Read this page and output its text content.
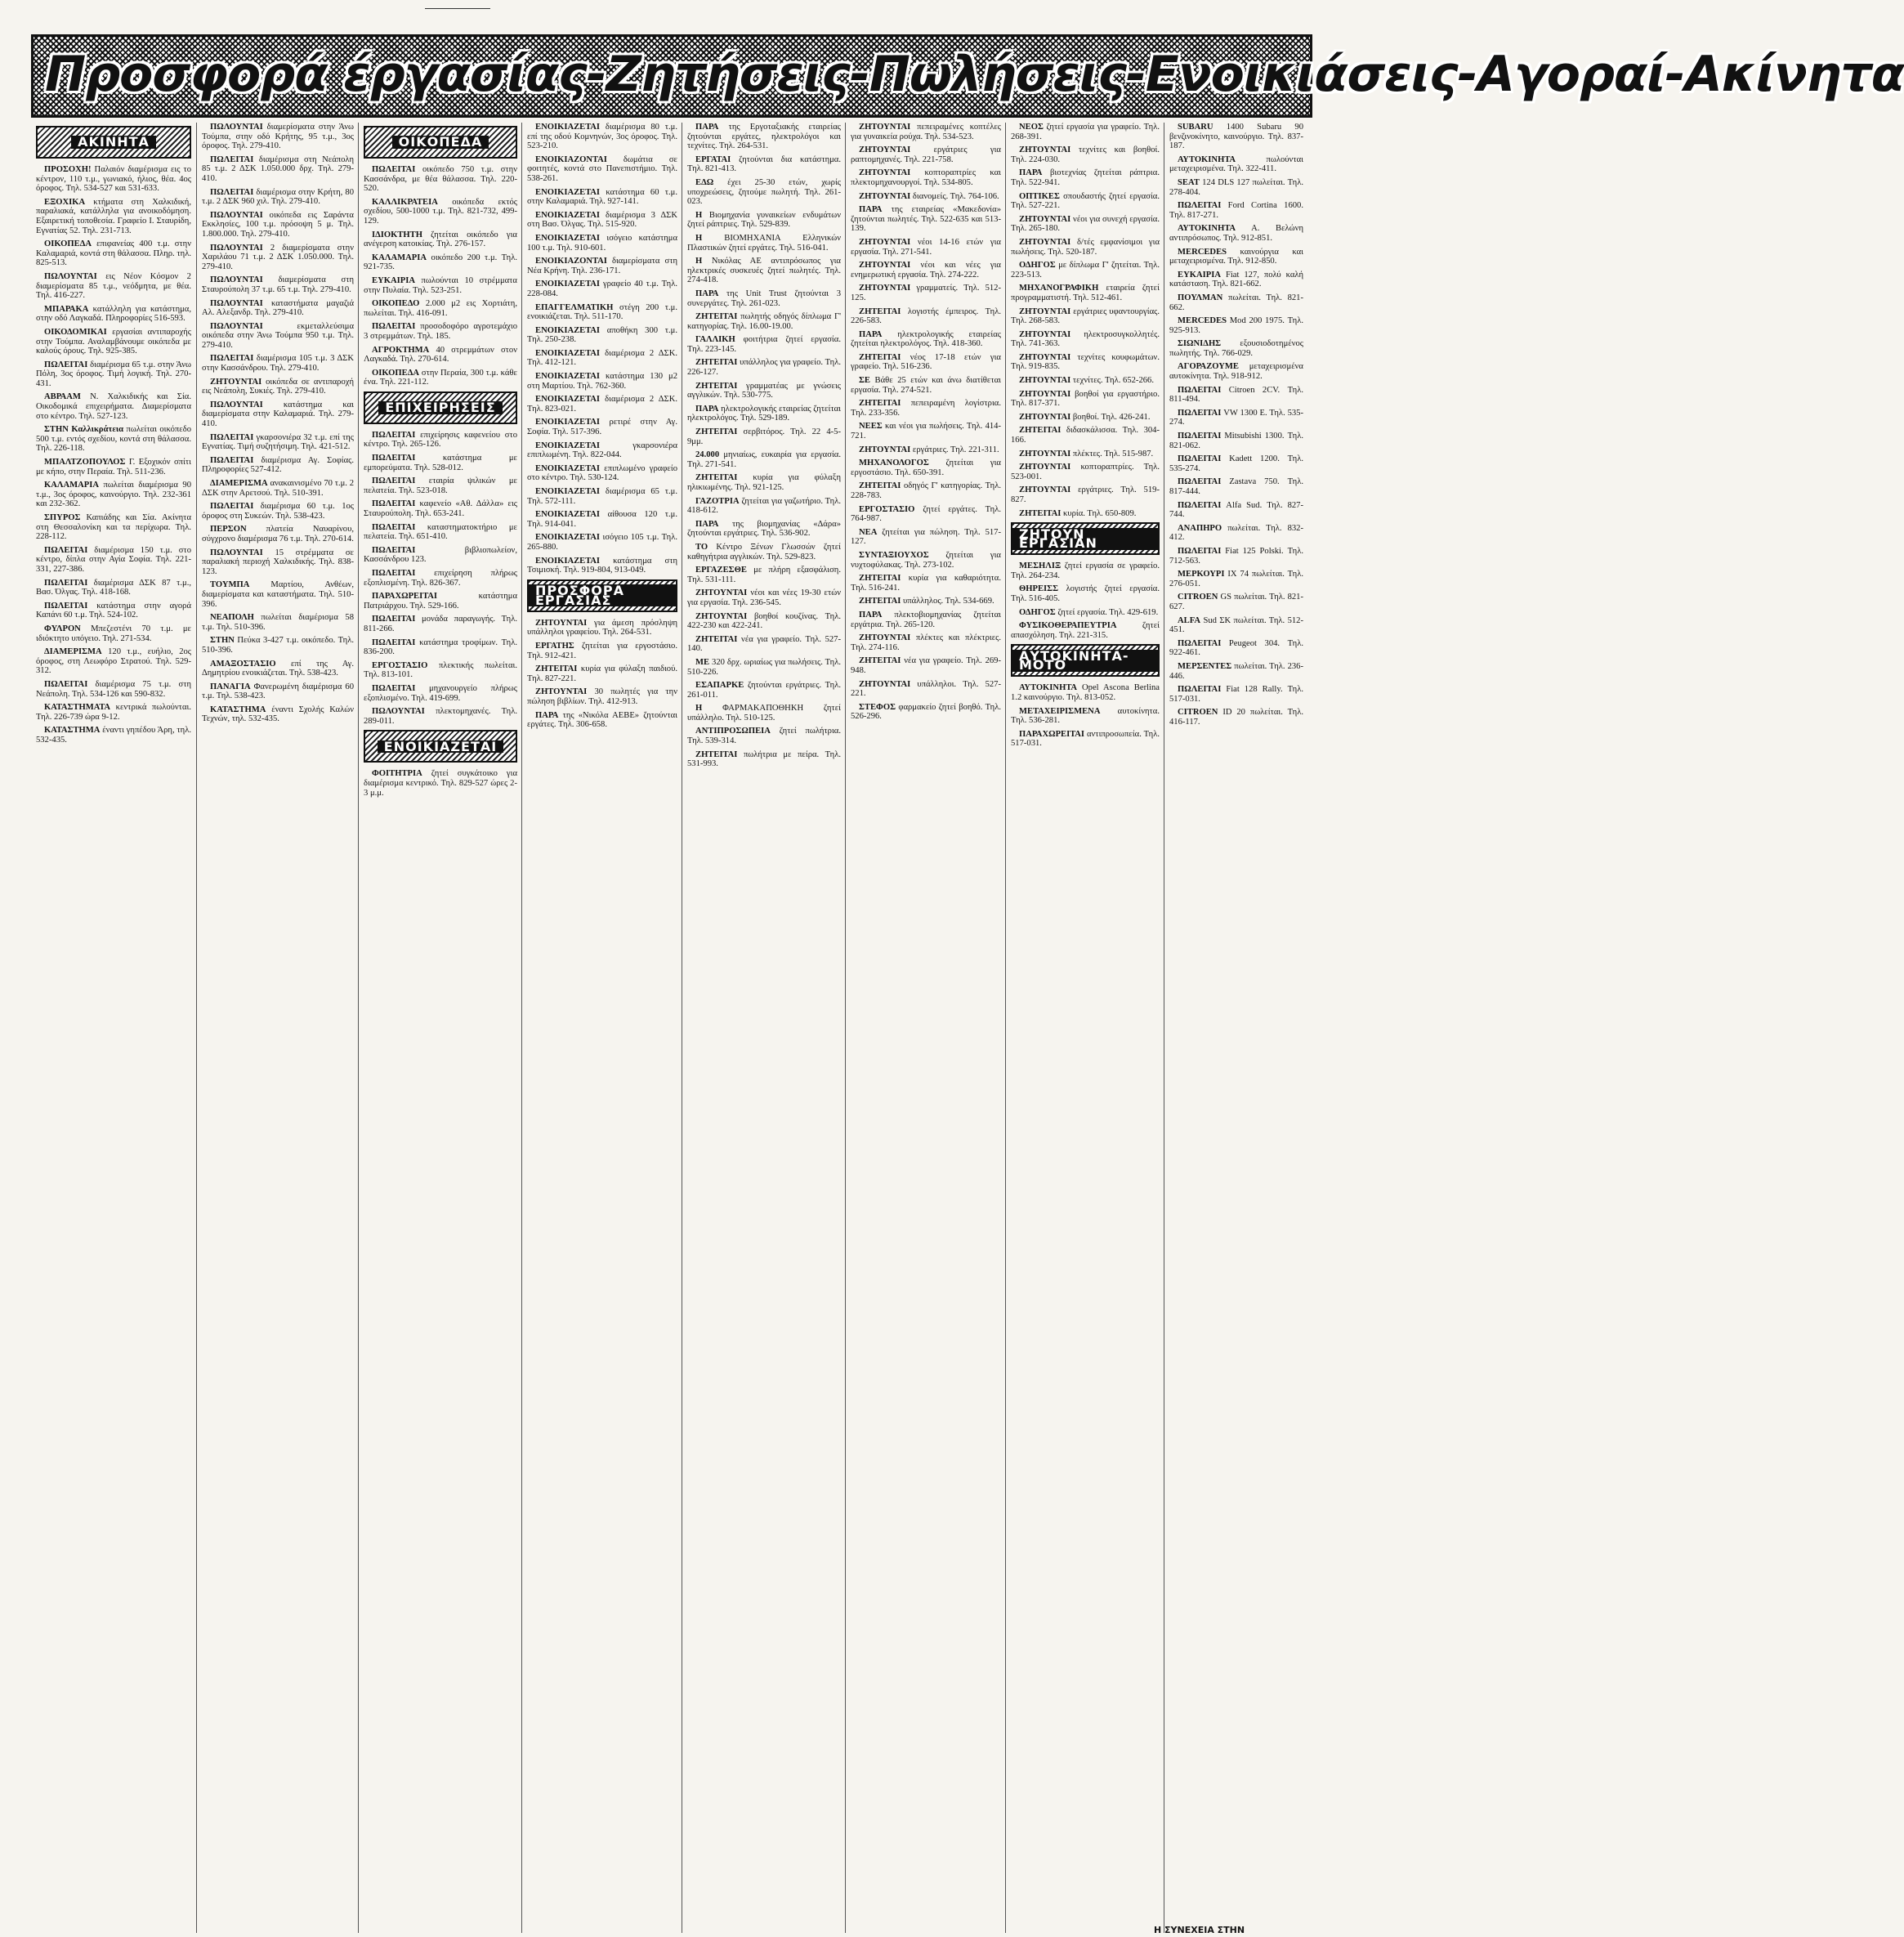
Προσφορά έργασίας-Ζητήσεις-Πωλήσεις-Ενοικιάσεις-Αγοραί-Ακίνητα
ΑΚΙΝΗΤΑ
ΠΡΟΣΟΧΗ! Παλαιόν διαμέρισμα εις το κέντρον, 110 τ.μ., γωνιακό, ήλιος, θέα. 4ος όροφος. Τηλ. 534-527 και 531-633.
ΕΞΟΧΙΚΑ κτήματα στη Χαλκιδική, παραλιακά, κατάλληλα για ανοικοδόμηση. Εξαιρετική τοποθεσία. Γραφείο Ι. Σταυρίδη, Εγνατίας 52. Τηλ. 231-713.
ΟΙΚΟΠΕΔΑ επιφανείας 400 τ.μ. στην Καλαμαριά, κοντά στη θάλασσα. Πληρ. τηλ. 825-513.
ΠΩΛΟΥΝΤΑΙ εις Νέον Κόσμον 2 διαμερίσματα 85 τ.μ., νεόδμητα, με θέα. Τηλ. 416-227.
ΜΠΑΡΑΚΑ κατάλληλη για κατάστημα, στην οδό Λαγκαδά. Πληροφορίες 516-593.
ΟΙΚΟΔΟΜΙΚΑΙ εργασίαι αντιπαροχής στην Τούμπα. Αναλαμβάνουμε οικόπεδα με καλούς όρους. Τηλ. 925-385.
ΠΩΛΕΙΤΑΙ διαμέρισμα 65 τ.μ. στην Άνω Πόλη, 3ος όροφος. Τιμή λογική. Τηλ. 270-431.
ΑΒΡΑΑΜ Ν. Χαλκιδικής και Σία. Οικοδομικά επιχειρήματα. Διαμερίσματα στο κέντρο. Τηλ. 527-123.
ΣΤΗΝ Καλλικράτεια πωλείται οικόπεδο 500 τ.μ. εντός σχεδίου, κοντά στη θάλασσα. Τηλ. 226-118.
ΜΠΑΛΤΖΟΠΟΥΛΟΣ Γ. Εξοχικόν σπίτι με κήπο, στην Περαία. Τηλ. 511-236.
ΚΑΛΑΜΑΡΙΑ πωλείται διαμέρισμα 90 τ.μ., 3ος όροφος, καινούργιο. Τηλ. 232-361 και 232-362.
ΣΠΥΡΟΣ Καπιάδης και Σία. Ακίνητα στη Θεσσαλονίκη και τα περίχωρα. Τηλ. 228-112.
ΠΩΛΕΙΤΑΙ διαμέρισμα 150 τ.μ. στο κέντρο, δίπλα στην Αγία Σοφία. Τηλ. 221-331, 227-386.
ΠΩΛΕΙΤΑΙ διαμέρισμα ΔΣΚ 87 τ.μ., Βασ. Όλγας. Τηλ. 418-168.
ΠΩΛΕΙΤΑΙ κατάστημα στην αγορά Καπάνι 60 τ.μ. Τηλ. 524-102.
ΦΥΛΡΟΝ Μπεζεστένι 70 τ.μ. με ιδιόκτητο υπόγειο. Τηλ. 271-534.
ΔΙΑΜΕΡΙΣΜΑ 120 τ.μ., ευήλιο, 2ος όροφος, στη Λεωφόρο Στρατού. Τηλ. 529-312.
ΠΩΛΕΙΤΑΙ διαμέρισμα 75 τ.μ. στη Νεάπολη. Τηλ. 534-126 και 590-832.
ΚΑΤΑΣΤΗΜΑΤΑ κεντρικά πωλούνται. Τηλ. 226-739 ώρα 9-12.
ΚΑΤΑΣΤΗΜΑ έναντι γηπέδου Άρη, τηλ. 532-435.
ΠΩΛΟΥΝΤΑΙ διαμερίσματα στην Άνω Τούμπα, στην οδό Κρήτης, 95 τ.μ., 3ος όροφος. Τηλ. 279-410.
ΠΩΛΕΙΤΑΙ διαμέρισμα στη Νεάπολη 85 τ.μ. 2 ΔΣΚ 1.050.000 δρχ. Τηλ. 279-410.
ΠΩΛΕΙΤΑΙ διαμέρισμα στην Κρήτη, 80 τ.μ. 2 ΔΣΚ 960 χιλ. Τηλ. 279-410.
ΠΩΛΟΥΝΤΑΙ οικόπεδα εις Σαράντα Εκκλησίες, 100 τ.μ. πρόσοψη 5 μ. Τηλ. 1.800.000. Τηλ. 279-410.
ΠΩΛΟΥΝΤΑΙ 2 διαμερίσματα στην Χαριλάου 71 τ.μ. 2 ΔΣΚ 1.050.000. Τηλ. 279-410.
ΠΩΛΟΥΝΤΑΙ διαμερίσματα στη Σταυρούπολη 37 τ.μ. 65 τ.μ. Τηλ. 279-410.
ΠΩΛΟΥΝΤΑΙ καταστήματα μαγαζιά Αλ. Αλεξανδρ. Τηλ. 279-410.
ΠΩΛΟΥΝΤΑΙ	εκμεταλλεύσιμα οικόπεδα στην Άνω Τούμπα 950 τ.μ. Τηλ. 279-410.
ΠΩΛΕΙΤΑΙ διαμέρισμα 105 τ.μ. 3 ΔΣΚ στην Κασσάνδρου. Τηλ. 279-410.
ΖΗΤΟΥΝΤΑΙ οικόπεδα σε αντιπαροχή εις Νεάπολη, Συκιές. Τηλ. 279-410.
ΠΩΛΟΥΝΤΑΙ κατάστημα και διαμερίσματα στην Καλαμαριά. Τηλ. 279-410.
ΠΩΛΕΙΤΑΙ γκαρσονιέρα 32 τ.μ. επί της Εγνατίας. Τιμή συζητήσιμη. Τηλ. 421-512.
ΠΩΛΕΙΤΑΙ διαμέρισμα Αγ. Σοφίας. Πληροφορίες 527-412.
ΔΙΑΜΕΡΙΣΜΑ ανακαινισμένο 70 τ.μ. 2 ΔΣΚ στην Αρετσού. Τηλ. 510-391.
ΠΩΛΕΙΤΑΙ διαμέρισμα 60 τ.μ. 1ος όροφος στη Συκεών. Τηλ. 538-423.
ΠΕΡΣΟΝ πλατεία Ναυαρίνου, σύγχρονο διαμέρισμα 76 τ.μ. Τηλ. 270-614.
ΠΩΛΟΥΝΤΑΙ 15 στρέμματα σε παραλιακή περιοχή Χαλκιδικής. Τηλ. 838-123.
ΤΟΥΜΠΑ Μαρτίου, Ανθέων, διαμερίσματα και καταστήματα. Τηλ. 510-396.
ΝΕΑΠΟΛΗ πωλείται διαμέρισμα 58 τ.μ. Τηλ. 510-396.
ΣΤΗΝ Πεύκα 3-427 τ.μ. οικόπεδο. Τηλ. 510-396.
ΑΜΑΞΟΣΤΑΣΙΟ επί της Αγ. Δημητρίου ενοικιάζεται. Τηλ. 538-423.
ΠΑΝΑΓΙΑ Φανερωμένη διαμέρισμα 60 τ.μ. Τηλ. 538-423.
ΚΑΤΑΣΤΗΜΑ έναντι Σχολής Καλών Τεχνών, τηλ. 532-435.
ΟΙΚΟΠΕΔΑ
ΠΩΛΕΙΤΑΙ οικόπεδο 750 τ.μ. στην Κασσάνδρα, με θέα θάλασσα. Τηλ. 220-520.
ΚΑΛΛΙΚΡΑΤΕΙΑ οικόπεδα εκτός σχεδίου, 500-1000 τ.μ. Τηλ. 821-732, 499-129.
ΙΔΙΟΚΤΗΤΗ ζητείται οικόπεδο για ανέγερση κατοικίας. Τηλ. 276-157.
ΚΑΛΑΜΑΡΙΑ οικόπεδο 200 τ.μ. Τηλ. 921-735.
ΕΥΚΑΙΡΙΑ πωλούνται 10 στρέμματα στην Πυλαία. Τηλ. 523-251.
ΟΙΚΟΠΕΔΟ 2.000 μ2 εις Χορτιάτη, πωλείται. Τηλ. 416-091.
ΠΩΛΕΙΤΑΙ προσοδοφόρο αγροτεμάχιο 3 στρεμμάτων. Τηλ. 185.
ΑΓΡΟΚΤΗΜΑ 40 στρεμμάτων στον Λαγκαδά. Τηλ. 270-614.
ΟΙΚΟΠΕΔΑ στην Περαία, 300 τ.μ. κάθε ένα. Τηλ. 221-112.
ΕΠΙΧΕΙΡΗΣΕΙΣ
ΠΩΛΕΙΤΑΙ επιχείρησις καφενείου στο κέντρο. Τηλ. 265-126.
ΠΩΛΕΙΤΑΙ	κατάστημα με εμπορεύματα. Τηλ. 528-012.
ΠΩΛΕΙΤΑΙ εταιρία ψιλικών με πελατεία. Τηλ. 523-018.
ΠΩΛΕΙΤΑΙ καφενείο «Αθ. Δάλλα» εις Σταυρούπολη. Τηλ. 653-241.
ΠΩΛΕΙΤΑΙ καταστηματοκτήριο με πελατεία. Τηλ. 651-410.
ΠΩΛΕΙΤΑΙ	βιβλιοπωλείον, Κασσάνδρου 123.
ΠΩΛΕΙΤΑΙ επιχείρηση πλήρως εξοπλισμένη. Τηλ. 826-367.
ΠΑΡΑΧΩΡΕΙΤΑΙ	κατάστημα Πατριάρχου. Τηλ. 529-166.
ΠΩΛΕΙΤΑΙ μονάδα παραγωγής. Τηλ. 811-266.
ΠΩΛΕΙΤΑΙ κατάστημα τροφίμων. Τηλ. 836-200.
ΕΡΓΟΣΤΑΣΙΟ πλεκτικής πωλείται. Τηλ. 813-101.
ΠΩΛΕΙΤΑΙ μηχανουργείο πλήρως εξοπλισμένο. Τηλ. 419-699.
ΠΩΛΟΥΝΤΑΙ πλεκτομηχανές. Τηλ. 289-011.
ΕΝΟΙΚΙΑΖΕΤΑΙ
ΦΟΙΤΗΤΡΙΑ ζητεί συγκάτοικο για διαμέρισμα κεντρικό. Τηλ. 829-527 ώρες 2-3 μ.μ.
ΕΝΟΙΚΙΑΖΕΤΑΙ διαμέρισμα 80 τ.μ. επί της οδού Κομνηνών, 3ος όροφος. Τηλ. 523-210.
ΕΝΟΙΚΙΑΖΟΝΤΑΙ δωμάτια σε φοιτητές, κοντά στο Πανεπιστήμιο. Τηλ. 538-261.
ΕΝΟΙΚΙΑΖΕΤΑΙ κατάστημα 60 τ.μ. στην Καλαμαριά. Τηλ. 927-141.
ΕΝΟΙΚΙΑΖΕΤΑΙ διαμέρισμα 3 ΔΣΚ στη Βασ. Όλγας. Τηλ. 515-920.
ΕΝΟΙΚΙΑΖΕΤΑΙ ισόγειο κατάστημα 100 τ.μ. Τηλ. 910-601.
ΕΝΟΙΚΙΑΖΟΝΤΑΙ διαμερίσματα στη Νέα Κρήνη. Τηλ. 236-171.
ΕΝΟΙΚΙΑΖΕΤΑΙ γραφείο 40 τ.μ. Τηλ. 228-084.
ΕΠΑΓΓΕΛΜΑΤΙΚΗ στέγη 200 τ.μ. ενοικιάζεται. Τηλ. 511-170.
ΕΝΟΙΚΙΑΖΕΤΑΙ αποθήκη 300 τ.μ. Τηλ. 250-238.
ΕΝΟΙΚΙΑΖΕΤΑΙ διαμέρισμα 2 ΔΣΚ. Τηλ. 412-121.
ΕΝΟΙΚΙΑΖΕΤΑΙ κατάστημα 130 μ2 στη Μαρτίου. Τηλ. 762-360.
ΕΝΟΙΚΙΑΖΕΤΑΙ διαμέρισμα 2 ΔΣΚ. Τηλ. 823-021.
ΕΝΟΙΚΙΑΖΕΤΑΙ ρετιρέ στην Αγ. Σοφία. Τηλ. 517-396.
ΕΝΟΙΚΙΑΖΕΤΑΙ	γκαρσονιέρα επιπλωμένη. Τηλ. 822-044.
ΕΝΟΙΚΙΑΖΕΤΑΙ επιπλωμένο γραφείο στο κέντρο. Τηλ. 530-124.
ΕΝΟΙΚΙΑΖΕΤΑΙ διαμέρισμα 65 τ.μ. Τηλ. 572-111.
ΕΝΟΙΚΙΑΖΕΤΑΙ αίθουσα 120 τ.μ. Τηλ. 914-041.
ΕΝΟΙΚΙΑΖΕΤΑΙ ισόγειο 105 τ.μ. Τηλ. 265-880.
ΕΝΟΙΚΙΑΖΕΤΑΙ κατάστημα στη Τσιμισκή. Τηλ. 919-804, 913-049.
ΠΡΟΣΦΟΡΑ ΕΡΓΑΣΙΑΣ
ΖΗΤΟΥΝΤΑΙ για άμεση πρόσληψη υπάλληλοι γραφείου. Τηλ. 264-531.
ΕΡΓΑΤΗΣ ζητείται για εργοστάσιο. Τηλ. 912-421.
ΖΗΤΕΙΤΑΙ κυρία για φύλαξη παιδιού. Τηλ. 827-221.
ΖΗΤΟΥΝΤΑΙ 30 πωλητές για την πώληση βιβλίων. Τηλ. 412-913.
ΠΑΡΑ της «Νικόλα ΑΕΒΕ» ζητούνται εργάτες. Τηλ. 306-658.
ΠΑΡΑ της Εργοταξιακής εταιρείας ζητούνται εργάτες, ηλεκτρολόγοι και τεχνίτες. Τηλ. 264-531.
ΕΡΓΑΤΑΙ ζητούνται δια κατάστημα. Τηλ. 821-413.
ΕΔΩ έχει 25-30 ετών, χωρίς υποχρεώσεις, ζητούμε πωλητή. Τηλ. 261-023.
Η Βιομηχανία γυναικείων ενδυμάτων ζητεί ράπτριες. Τηλ. 529-839.
Η	ΒΙΟΜΗΧΑΝΙΑ Ελληνικών Πλαστικών ζητεί εργάτες. Τηλ. 516-041.
Η Νικόλας ΑΕ αντιπρόσωπος για ηλεκτρικές συσκευές ζητεί πωλητές. Τηλ. 274-418.
ΠΑΡΑ της Unit Trust ζητούνται 3 συνεργάτες. Τηλ. 261-023.
ΖΗΤΕΙΤΑΙ πωλητής οδηγός δίπλωμα Γ' κατηγορίας. Τηλ. 16.00-19.00.
ΓΑΛΛΙΚΗ φοιτήτρια ζητεί εργασία. Τηλ. 223-145.
ΖΗΤΕΙΤΑΙ υπάλληλος για γραφείο. Τηλ. 226-127.
ΖΗΤΕΙΤΑΙ γραμματέας με γνώσεις αγγλικών. Τηλ. 530-775.
ΠΑΡΑ ηλεκτρολογικής εταιρείας ζητείται ηλεκτρολόγος. Τηλ. 529-189.
ΖΗΤΕΙΤΑΙ σερβιτόρος. Τηλ. 22 4-5-9μμ.
24.000 μηνιαίως, ευκαιρία για εργασία. Τηλ. 271-541.
ΖΗΤΕΙΤΑΙ κυρία για φύλαξη ηλικιωμένης. Τηλ. 921-125.
ΓΑΖΟΤΡΙΑ ζητείται για γαζωτήριο. Τηλ. 418-612.
ΠΑΡΑ της βιομηχανίας «Δάρα» ζητούνται εργάτριες. Τηλ. 536-902.
ΤΟ Κέντρο Ξένων Γλωσσών ζητεί καθηγήτρια αγγλικών. Τηλ. 529-823.
ΕΡΓΑΖΕΣΘΕ με πλήρη εξασφάλιση. Τηλ. 531-111.
ΖΗΤΟΥΝΤΑΙ νέοι και νέες 19-30 ετών για εργασία. Τηλ. 236-545.
ΖΗΤΟΥΝΤΑΙ βοηθοί κουζίνας. Τηλ. 422-230 και 422-241.
ΖΗΤΕΙΤΑΙ νέα για γραφείο. Τηλ. 527-140.
ΜΕ 320 δρχ. ωριαίως για πωλήσεις. Τηλ. 510-226.
ΕΣΑΠΑΡΚΕ ζητούνται εργάτριες. Τηλ. 261-011.
Η ΦΑΡΜΑΚΑΠΟΘΗΚΗ ζητεί υπάλληλο. Τηλ. 510-125.
ΑΝΤΙΠΡΟΣΩΠΕΙΑ ζητεί πωλήτρια. Τηλ. 539-314.
ΖΗΤΕΙΤΑΙ πωλήτρια με πείρα. Τηλ. 531-993.
ΖΗΤΟΥΝΤΑΙ πεπειραμένες κοπτέλες για γυναικεία ρούχα. Τηλ. 534-523.
ΖΗΤΟΥΝΤΑΙ	εργάτριες για ραπτομηχανές. Τηλ. 221-758.
ΖΗΤΟΥΝΤΑΙ κοπτοραπτρίες και πλεκτομηχανουργοί. Τηλ. 534-805.
ΖΗΤΟΥΝΤΑΙ διανομείς. Τηλ. 764-106.
ΠΑΡΑ της εταιρείας «Μακεδονία» ζητούνται πωλητές. Τηλ. 522-635 και 513-139.
ΖΗΤΟΥΝΤΑΙ νέοι 14-16 ετών για εργασία. Τηλ. 271-541.
ΖΗΤΟΥΝΤΑΙ νέοι και νέες για ενημερωτική εργασία. Τηλ. 274-222.
ΖΗΤΟΥΝΤΑΙ γραμματείς. Τηλ. 512-125.
ΖΗΤΕΙΤΑΙ λογιστής έμπειρος. Τηλ. 226-583.
ΠΑΡΑ ηλεκτρολογικής εταιρείας ζητείται ηλεκτρολόγος. Τηλ. 418-360.
ΖΗΤΕΙΤΑΙ νέος 17-18 ετών για γραφείο. Τηλ. 516-236.
ΣΕ Βάθε 25 ετών και άνω διατίθεται εργασία. Τηλ. 274-521.
ΖΗΤΕΙΤΑΙ πεπειραμένη λογίστρια. Τηλ. 233-356.
ΝΕΕΣ και νέοι για πωλήσεις. Τηλ. 414-721.
ΖΗΤΟΥΝΤΑΙ εργάτριες. Τηλ. 221-311.
ΜΗΧΑΝΟΛΟΓΟΣ ζητείται για εργοστάσιο. Τηλ. 650-391.
ΖΗΤΕΙΤΑΙ οδηγός Γ' κατηγορίας. Τηλ. 228-783.
ΕΡΓΟΣΤΑΣΙΟ ζητεί εργάτες. Τηλ. 764-987.
ΝΕΑ ζητείται για πώληση. Τηλ. 517-127.
ΣΥΝΤΑΞΙΟΥΧΟΣ ζητείται για νυχτοφύλακας. Τηλ. 273-102.
ΖΗΤΕΙΤΑΙ κυρία για καθαριότητα. Τηλ. 516-241.
ΖΗΤΕΙΤΑΙ υπάλληλος. Τηλ. 534-669.
ΠΑΡΑ πλεκτοβιομηχανίας ζητείται εργάτρια. Τηλ. 265-120.
ΖΗΤΟΥΝΤΑΙ πλέκτες και πλέκτριες. Τηλ. 274-116.
ΖΗΤΕΙΤΑΙ νέα για γραφείο. Τηλ. 269-948.
ΖΗΤΟΥΝΤΑΙ υπάλληλοι. Τηλ. 527-221.
ΣΤΕΦΟΣ φαρμακείο ζητεί βοηθό. Τηλ. 526-296.
ΝΕΟΣ ζητεί εργασία για γραφείο. Τηλ. 268-391.
ΖΗΤΟΥΝΤΑΙ τεχνίτες και βοηθοί. Τηλ. 224-030.
ΠΑΡΑ βιοτεχνίας ζητείται ράπτρια. Τηλ. 522-941.
ΟΠΤΙΚΕΣ σπουδαστής ζητεί εργασία. Τηλ. 527-221.
ΖΗΤΟΥΝΤΑΙ νέοι για συνεχή εργασία. Τηλ. 265-180.
ΖΗΤΟΥΝΤΑΙ δ/τές εμφανίσιμοι για πωλήσεις. Τηλ. 520-187.
ΟΔΗΓΟΣ με δίπλωμα Γ' ζητείται. Τηλ. 223-513.
ΜΗΧΑΝΟΓΡΑΦΙΚΗ εταιρεία ζητεί προγραμματιστή. Τηλ. 512-461.
ΖΗΤΟΥΝΤΑΙ εργάτριες υφαντουργίας. Τηλ. 268-583.
ΖΗΤΟΥΝΤΑΙ ηλεκτροσυγκολλητές. Τηλ. 741-363.
ΖΗΤΟΥΝΤΑΙ τεχνίτες κουφωμάτων. Τηλ. 919-835.
ΖΗΤΟΥΝΤΑΙ τεχνίτες. Τηλ. 652-266.
ΖΗΤΟΥΝΤΑΙ βοηθοί για εργαστήριο. Τηλ. 817-371.
ΖΗΤΟΥΝΤΑΙ βοηθοί. Τηλ. 426-241.
ΖΗΤΕΙΤΑΙ διδασκάλισσα. Τηλ. 304-166.
ΖΗΤΟΥΝΤΑΙ πλέκτες. Τηλ. 515-987.
ΖΗΤΟΥΝΤΑΙ κοπτοραπτρίες. Τηλ. 523-001.
ΖΗΤΟΥΝΤΑΙ εργάτριες. Τηλ. 519-827.
ΖΗΤΕΙΤΑΙ κυρία. Τηλ. 650-809.
ΖΗΤΟΥΝ ΕΡΓΑΣΙΑΝ
ΜΕΣΗΛΙΞ ζητεί εργασία σε γραφείο. Τηλ. 264-234.
ΘΗΡΕΙΣΣ λογιστής ζητεί εργασία. Τηλ. 516-405.
ΟΔΗΓΟΣ ζητεί εργασία. Τηλ. 429-619.
ΦΥΣΙΚΟΘΕΡΑΠΕΥΤΡΙΑ	ζητεί απασχόληση. Τηλ. 221-315.
ΑΥΤΟΚΙΝΗΤΑ-ΜΟΤΟ
ΑΥΤΟΚΙΝΗΤΑ Opel Ascona Berlina 1.2 καινούργιο. Τηλ. 813-052.
ΜΕΤΑΧΕΙΡΙΣΜΕΝΑ αυτοκίνητα. Τηλ. 536-281.
ΠΑΡΑΧΩΡΕΙΤΑΙ αντιπροσωπεία. Τηλ. 517-031.
SUBARU 1400 Subaru 90 βενζινοκίνητο, καινούργιο. Τηλ. 837-187.
ΑΥΤΟΚΙΝΗΤΑ	πωλούνται μεταχειρισμένα. Τηλ. 322-411.
SEAT 124 DLS 127 πωλείται. Τηλ. 278-404.
ΠΩΛΕΙΤΑΙ Ford Cortina 1600. Τηλ. 817-271.
ΑΥΤΟΚΙΝΗΤΑ Α. Βελώνη αντιπρόσωπος. Τηλ. 912-851.
MERCEDES καινούργια και μεταχειρισμένα. Τηλ. 912-850.
ΕΥΚΑΙΡΙΑ Fiat 127, πολύ καλή κατάσταση. Τηλ. 821-662.
ΠΟΥΛΜΑΝ πωλείται. Τηλ. 821-662.
MERCEDES Mod 200 1975. Τηλ. 925-913.
ΣΙΩΝΙΔΗΣ εξουσιοδοτημένος πωλητής. Τηλ. 766-029.
ΑΓΟΡΑΖΟΥΜΕ μεταχειρισμένα αυτοκίνητα. Τηλ. 918-912.
ΠΩΛΕΙΤΑΙ Citroen 2CV. Τηλ. 811-494.
ΠΩΛΕΙΤΑΙ VW 1300 Ε. Τηλ. 535-274.
ΠΩΛΕΙΤΑΙ Mitsubishi 1300. Τηλ. 821-062.
ΠΩΛΕΙΤΑΙ Kadett 1200. Τηλ. 535-274.
ΠΩΛΕΙΤΑΙ Zastava 750. Τηλ. 817-444.
ΠΩΛΕΙΤΑΙ Alfa Sud. Τηλ. 827-744.
ΑΝΑΠΗΡΟ πωλείται. Τηλ. 832-412.
ΠΩΛΕΙΤΑΙ Fiat 125 Polski. Τηλ. 712-563.
ΜΕΡΚΟΥΡΙ ΙΧ 74 πωλείται. Τηλ. 276-051.
CITROEN GS πωλείται. Τηλ. 821-627.
ALFA Sud ΣΚ πωλείται. Τηλ. 512-451.
ΠΩΛΕΙΤΑΙ Peugeot 304. Τηλ. 922-461.
ΜΕΡΣΕΝΤΕΣ πωλείται. Τηλ. 236-446.
ΠΩΛΕΙΤΑΙ Fiat 128 Rally. Τηλ. 517-031.
CITROEN ID 20 πωλείται. Τηλ. 416-117.
Η ΣΥΝΕΧΕΙΑ ΣΤΗΝ
